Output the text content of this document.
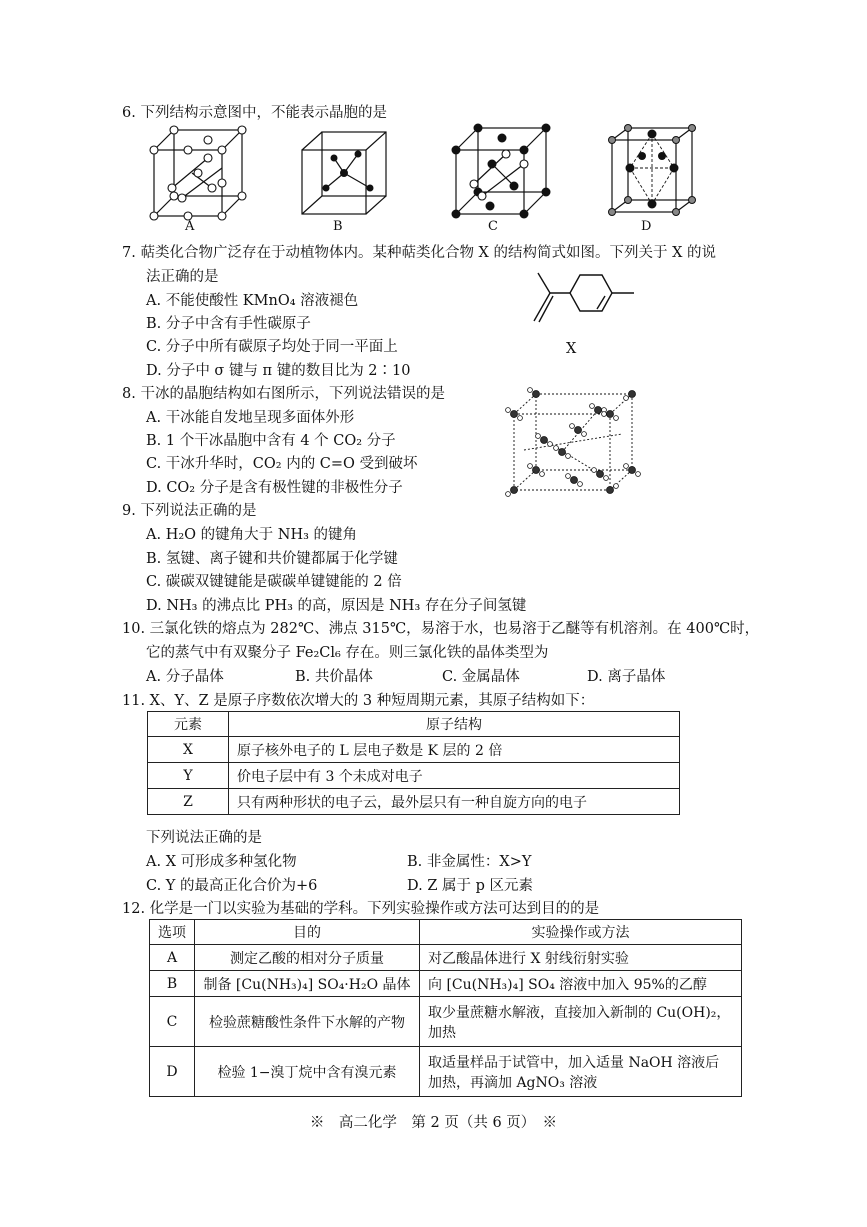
6. 下列结构示意图中，不能表示晶胞的是
A	B	C	D
7. 萜类化合物广泛存在于动植物体内。某种萜类化合物 X 的结构简式如图。下列关于 X 的说
法正确的是
A. 不能使酸性 KMnO₄ 溶液褪色
B. 分子中含有手性碳原子
C. 分子中所有碳原子均处于同一平面上
D. 分子中 σ 键与 π 键的数目比为 2∶10
X
8. 干冰的晶胞结构如右图所示，下列说法错误的是
A. 干冰能自发地呈现多面体外形
B. 1 个干冰晶胞中含有 4 个 CO₂ 分子
C. 干冰升华时，CO₂ 内的 C=O 受到破坏
D. CO₂ 分子是含有极性键的非极性分子
9. 下列说法正确的是
A. H₂O 的键角大于 NH₃ 的键角
B. 氢键、离子键和共价键都属于化学键
C. 碳碳双键键能是碳碳单键键能的 2 倍
D. NH₃ 的沸点比 PH₃ 的高，原因是 NH₃ 存在分子间氢键
10. 三氯化铁的熔点为 282℃、沸点 315℃，易溶于水，也易溶于乙醚等有机溶剂。在 400℃时，
它的蒸气中有双聚分子 Fe₂Cl₆ 存在。则三氯化铁的晶体类型为
A. 分子晶体	B. 共价晶体	C. 金属晶体	D. 离子晶体
11. X、Y、Z 是原子序数依次增大的 3 种短周期元素，其原子结构如下：
元素	原子结构
X	原子核外电子的 L 层电子数是 K 层的 2 倍
Y	价电子层中有 3 个未成对电子
Z	只有两种形状的电子云，最外层只有一种自旋方向的电子
下列说法正确的是
A. X 可形成多种氢化物	B. 非金属性：X>Y
C. Y 的最高正化合价为+6	D. Z 属于 p 区元素
12. 化学是一门以实验为基础的学科。下列实验操作或方法可达到目的的是
选项	目的	实验操作或方法
A	测定乙酸的相对分子质量	对乙酸晶体进行 X 射线衍射实验
B	制备 [Cu(NH₃)₄] SO₄·H₂O 晶体	向 [Cu(NH₃)₄] SO₄ 溶液中加入 95%的乙醇
C	检验蔗糖酸性条件下水解的产物	取少量蔗糖水解液，直接加入新制的 Cu(OH)₂，
加热

D	检验 1−溴丁烷中含有溴元素	取适量样品于试管中，加入适量 NaOH 溶液后
加热，再滴加 AgNO₃ 溶液
※　高二化学　第 2 页（共 6 页）　※
